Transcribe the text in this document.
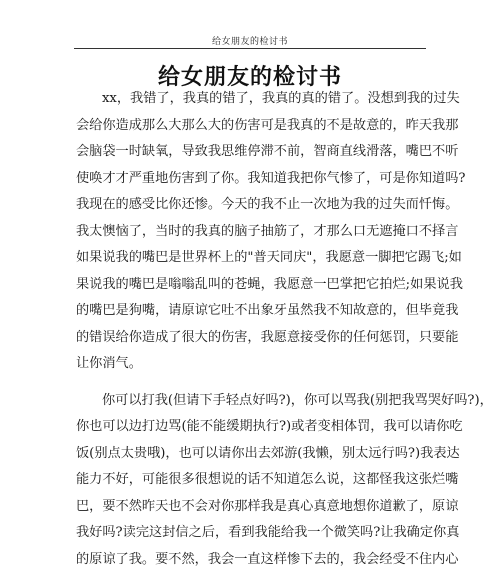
给女朋友的检讨书
给女朋友的检讨书
xx，我错了，我真的错了，我真的真的错了。没想到我的过失
会给你造成那么大那么大的伤害可是我真的不是故意的，昨天我那
会脑袋一时缺氧，导致我思维停滞不前，智商直线滑落，嘴巴不听
使唤才才严重地伤害到了你。我知道我把你气惨了，可是你知道吗?
我现在的感受比你还惨。今天的我不止一次地为我的过失而忏悔。
我太懊恼了，当时的我真的脑子抽筋了，才那么口无遮掩口不择言
如果说我的嘴巴是世界杯上的"普天同庆"，我愿意一脚把它踢飞;如
果说我的嘴巴是嗡嗡乱叫的苍蝇，我愿意一巴掌把它拍烂;如果说我
的嘴巴是狗嘴，请原谅它吐不出象牙虽然我不知故意的，但毕竟我
的错误给你造成了很大的伤害，我愿意接受你的任何惩罚，只要能
让你消气。
你可以打我(但请下手轻点好吗?)，你可以骂我(别把我骂哭好吗?)，
你也可以边打边骂(能不能缓期执行?)或者变相体罚，我可以请你吃
饭(别点太贵哦)，也可以请你出去郊游(我懒，别太远行吗?)我表达
能力不好，可能很多很想说的话不知道怎么说，这都怪我这张烂嘴
巴，要不然昨天也不会对你那样我是真心真意地想你道歉了，原谅
我好吗?读完这封信之后，看到我能给我一个微笑吗?让我确定你真
的原谅了我。要不然，我会一直这样惨下去的，我会经受不住内心
